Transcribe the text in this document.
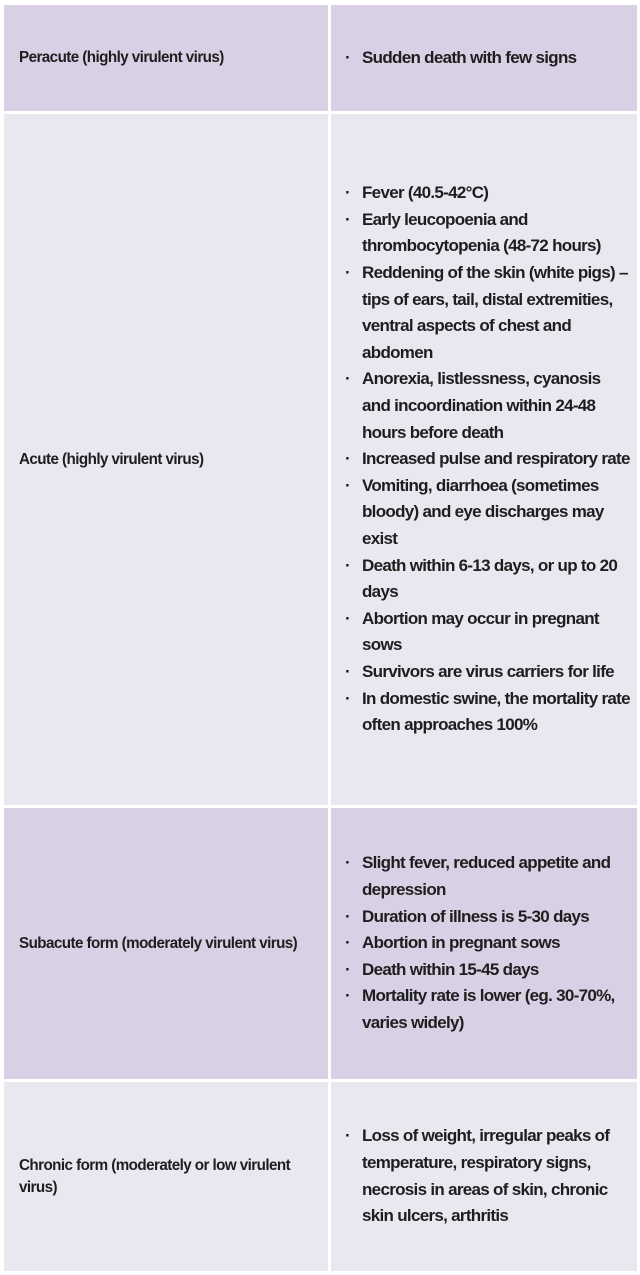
Peracute (highly virulent virus)	· Sudden death with few signs
Acute (highly virulent virus)
· Fever (40.5-42°C)
· Early leucopoenia and thrombocytopenia (48-72 hours)
· Reddening of the skin (white pigs) – tips of ears, tail, distal extremities, ventral aspects of chest and abdomen
· Anorexia, listlessness, cyanosis and incoordination within 24-48 hours before death
· Increased pulse and respiratory rate
· Vomiting, diarrhoea (sometimes bloody) and eye discharges may exist
· Death within 6-13 days, or up to 20 days
· Abortion may occur in pregnant sows
· Survivors are virus carriers for life
· In domestic swine, the mortality rate often approaches 100%
Subacute form (moderately virulent virus)
· Slight fever, reduced appetite and depression
· Duration of illness is 5-30 days
· Abortion in pregnant sows
· Death within 15-45 days
· Mortality rate is lower (eg. 30-70%, varies widely)
Chronic form (moderately or low virulent virus)
· Loss of weight, irregular peaks of temperature, respiratory signs, necrosis in areas of skin, chronic skin ulcers, arthritis
